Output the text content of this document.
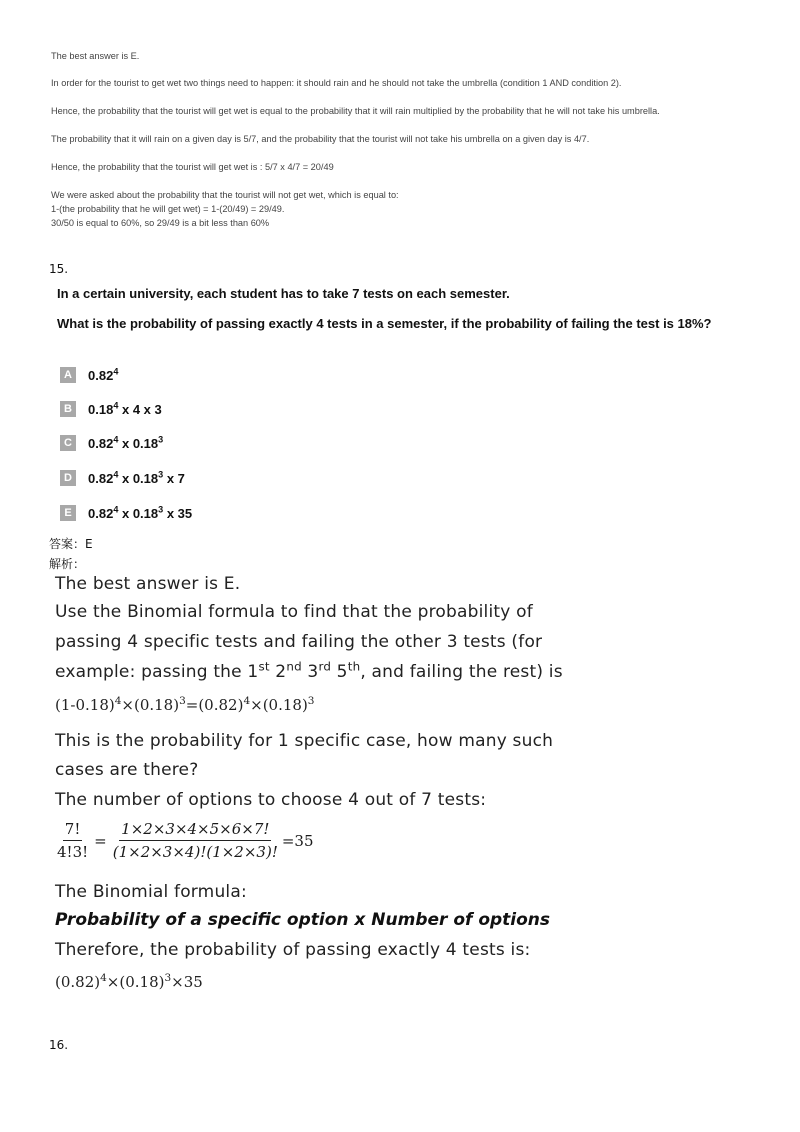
The best answer is E.

In order for the tourist to get wet two things need to happen: it should rain and he should not take the umbrella (condition 1 AND condition 2).

Hence, the probability that the tourist will get wet is equal to the probability that it will rain multiplied by the probability that he will not take his umbrella.

The probability that it will rain on a given day is 5/7, and the probability that the tourist will not take his umbrella on a given day is 4/7.

Hence, the probability that the tourist will get wet is : 5/7 x 4/7 = 20/49

We were asked about the probability that the tourist will not get wet, which is equal to:

1-(the probability that he will get wet) = 1-(20/49) = 29/49.

30/50 is equal to 60%, so 29/49 is a bit less than 60%

15.
In a certain university, each student has to take 7 tests on each semester.
What is the probability of passing exactly 4 tests in a semester, if the probability of failing the test is 18%?
A	0.82$^4$
B	0.18$^4$ x 4 x 3
C	0.82$^4$ x 0.18$^3$
D	0.82$^4$ x 0.18$^3$ x 7
E	0.82$^4$ x 0.18$^3$ x 35
答案：E
解析：
The best answer is E.
Use the Binomial formula to find that the probability of
passing 4 specific tests and failing the other 3 tests (for
example: passing the 1st 2nd 3rd 5th, and failing the rest) is
$(1-0.18)^4\times(0.18)^3=(0.82)^4\times(0.18)^3$
This is the probability for 1 specific case, how many such
cases are there?
The number of options to choose 4 out of 7 tests:
$\frac{7!}{4!3!} = \frac{1\times 2\times 3\times 4\times 5\times 6\times 7!}{(1\times 2\times 3\times 4)!(1\times 2\times 3)!} =35$
The Binomial formula:
Probability of a specific option x Number of options
Therefore, the probability of passing exactly 4 tests is:
$(0.82)^4\times(0.18)^3\times 35$
16.
